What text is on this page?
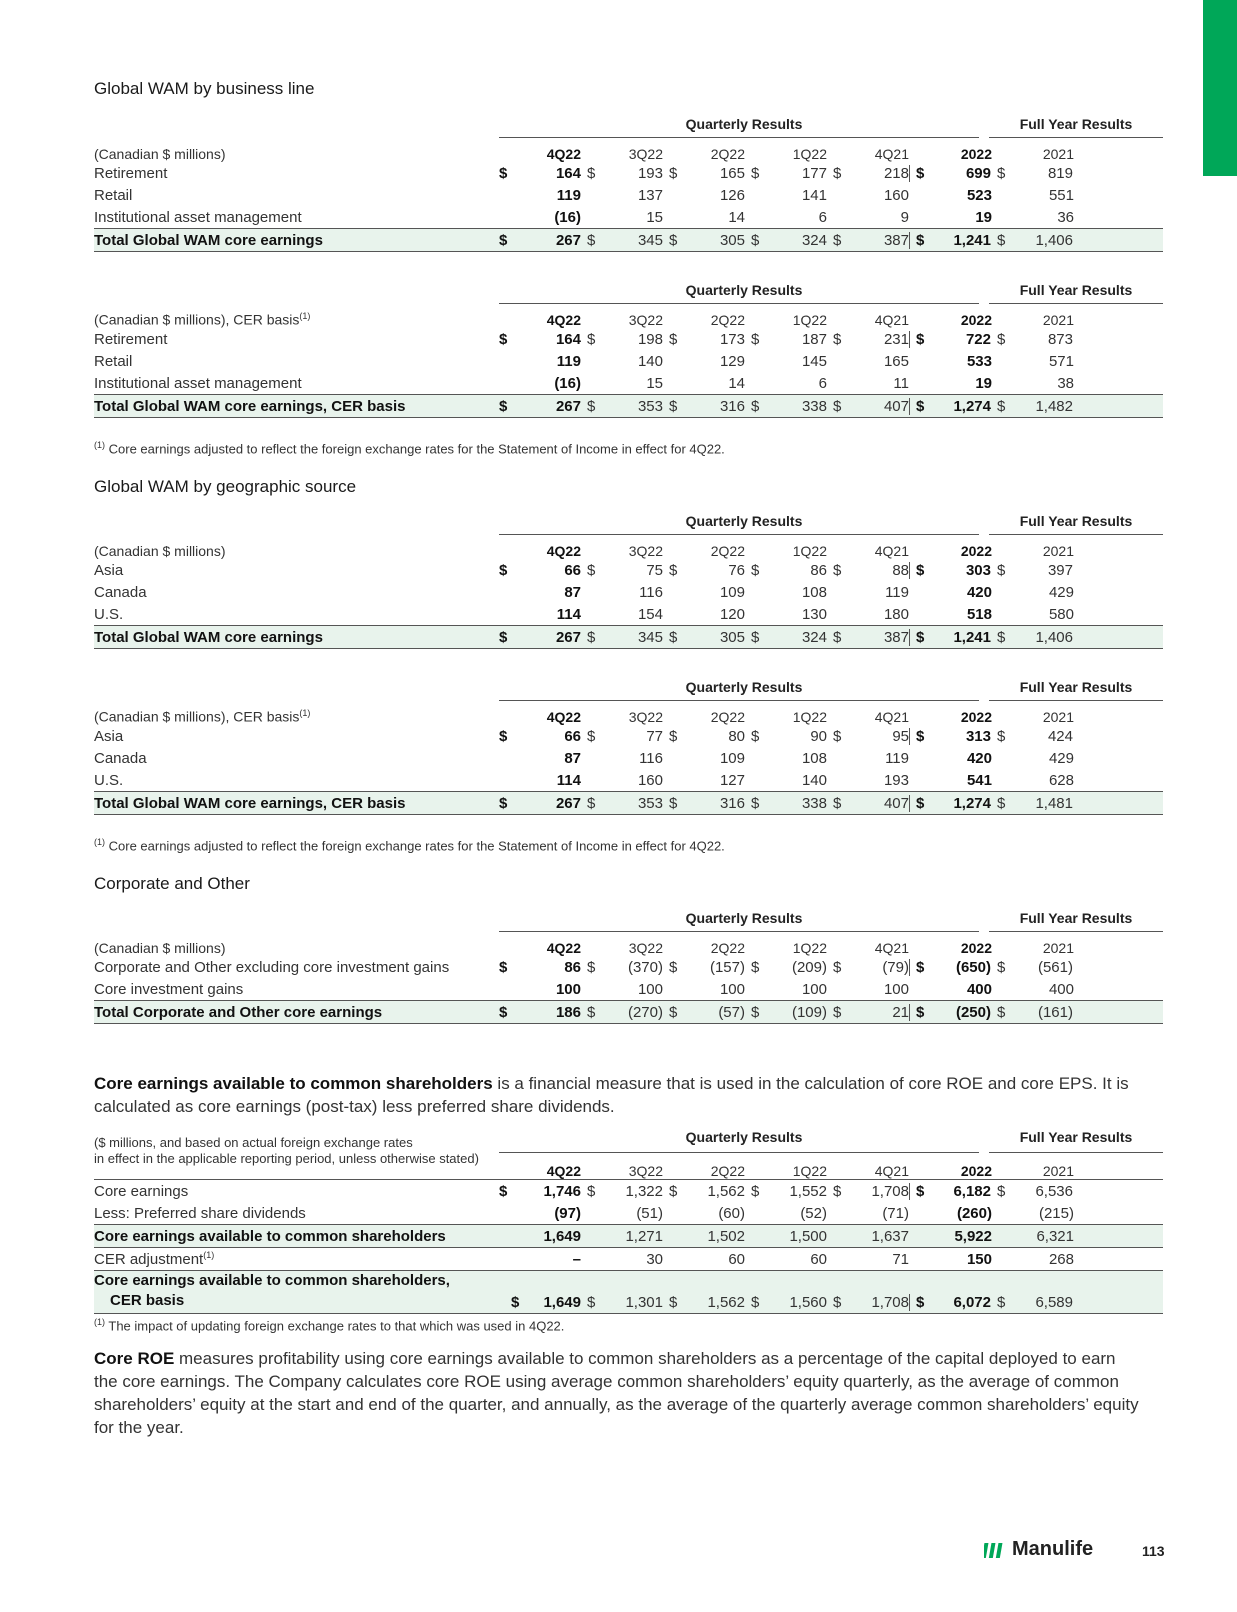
Global WAM by business line
Quarterly Results	Full Year Results
(Canadian $ millions)	4Q22	3Q22	2Q22	1Q22	4Q21	2022	2021
Retirement	$	164 $	193 $	165 $	177 $	218 $	699 $	819
Retail	119	137	126	141	160	523	551
Institutional asset management	(16)	15	14	6	9	19	36
Total Global WAM core earnings	$	267 $	345 $	305 $	324 $	387 $	1,241 $	1,406
Quarterly Results	Full Year Results
(Canadian $ millions), CER basis$^{(1)}$	4Q22	3Q22	2Q22	1Q22	4Q21	2022	2021
Retirement	$	164 $	198 $	173 $	187 $	231 $	722 $	873
Retail	119	140	129	145	165	533	571
Institutional asset management	(16)	15	14	6	11	19	38
Total Global WAM core earnings, CER basis	$	267 $	353 $	316 $	338 $	407 $	1,274 $	1,482
$^{(1)}$ Core earnings adjusted to reflect the foreign exchange rates for the Statement of Income in effect for 4Q22.
Global WAM by geographic source
Quarterly Results	Full Year Results
(Canadian $ millions)	4Q22	3Q22	2Q22	1Q22	4Q21	2022	2021
Asia	$	66 $	75 $	76 $	86 $	88 $	303 $	397
Canada	87	116	109	108	119	420	429
U.S.	114	154	120	130	180	518	580
Total Global WAM core earnings	$	267 $	345 $	305 $	324 $	387 $	1,241 $	1,406
Quarterly Results	Full Year Results
(Canadian $ millions), CER basis$^{(1)}$	4Q22	3Q22	2Q22	1Q22	4Q21	2022	2021
Asia	$	66 $	77 $	80 $	90 $	95 $	313 $	424
Canada	87	116	109	108	119	420	429
U.S.	114	160	127	140	193	541	628
Total Global WAM core earnings, CER basis	$	267 $	353 $	316 $	338 $	407 $	1,274 $	1,481
$^{(1)}$ Core earnings adjusted to reflect the foreign exchange rates for the Statement of Income in effect for 4Q22.
Corporate and Other
Quarterly Results	Full Year Results
(Canadian $ millions)	4Q22	3Q22	2Q22	1Q22	4Q21	2022	2021
Corporate and Other excluding core investment gains	$	86 $	(370) $	(157) $	(209) $	(79) $	(650) $	(561)
Core investment gains	100	100	100	100	100	400	400
Total Corporate and Other core earnings	$	186 $	(270) $	(57) $	(109) $	21 $	(250) $	(161)
Core earnings available to common shareholders is a financial measure that is used in the calculation of core ROE and core EPS. It is calculated as core earnings (post-tax) less preferred share dividends.
Quarterly Results	Full Year Results
($ millions, and based on actual foreign exchange rates
in effect in the applicable reporting period, unless otherwise stated)
4Q22	3Q22	2Q22	1Q22	4Q21	2022	2021
Core earnings	$	1,746 $	1,322 $	1,562 $	1,552 $	1,708 $	6,182 $	6,536
Less: Preferred share dividends	(97)	(51)	(60)	(52)	(71)	(260)	(215)
Core earnings available to common shareholders	1,649	1,271	1,502	1,500	1,637	5,922	6,321
CER adjustment$^{(1)}$	–	30	60	60	71	150	268
Core earnings available to common shareholders,
CER basis	$	1,649 $	1,301 $	1,562 $	1,560 $	1,708 $	6,072 $	6,589
$^{(1)}$ The impact of updating foreign exchange rates to that which was used in 4Q22.
Core ROE measures profitability using core earnings available to common shareholders as a percentage of the capital deployed to earn the core earnings. The Company calculates core ROE using average common shareholders’ equity quarterly, as the average of common shareholders’ equity at the start and end of the quarter, and annually, as the average of the quarterly average common shareholders’ equity for the year.
Manulife	113
